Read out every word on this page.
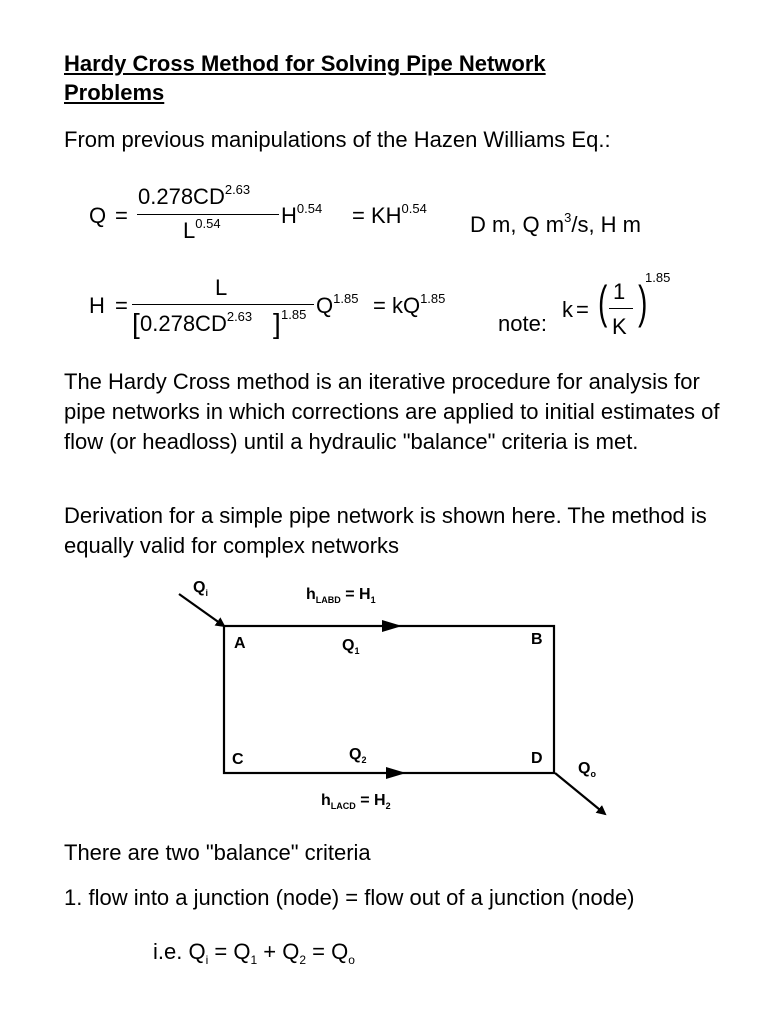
Hardy Cross Method for Solving Pipe Network
Problems
From previous manipulations of the Hazen Williams Eq.:
Q =
$0.278CD^{2.63}$
$L^{0.54}$	$H^{0.54} = KH^{0.54}$
D m, Q $m^3/s$, H m
H =
L
[ $0.278CD^{2.63}$ ] 1.85 $Q^{1.85} = kQ^{1.85}$
note:
k = ( 1
K )
1.85
The Hardy Cross method is an iterative procedure for analysis for pipe networks in which corrections are applied to initial estimates of flow (or headloss) until a hydraulic "balance" criteria is met.
Derivation for a simple pipe network is shown here. The method is equally valid for complex networks
$Q_i$	$h_{LABD} = H_1$
A	B
$Q_1$
C	D
$Q_2$	$Q_o$
$h_{LACD} = H_2$
There are two "balance" criteria
1. flow into a junction (node) = flow out of a junction (node)
i.e. $Q_i = Q_1 + Q_2 = Q_o$
